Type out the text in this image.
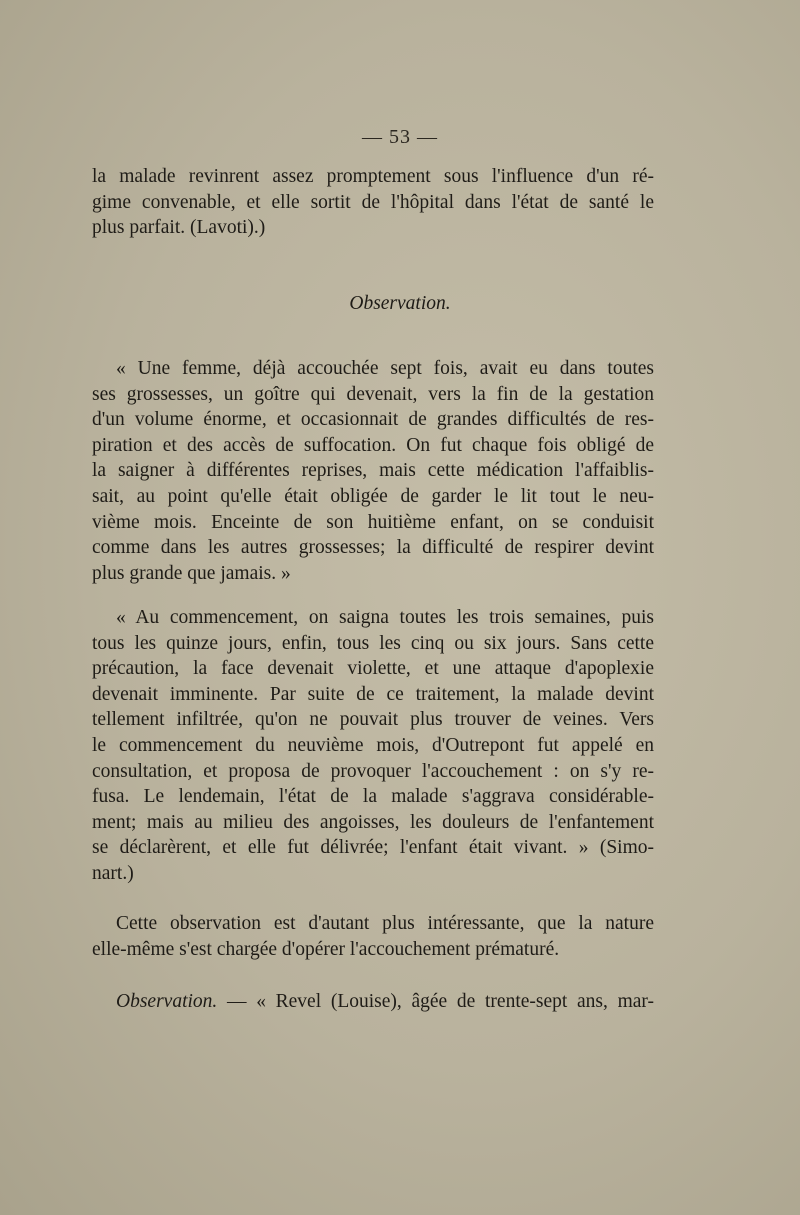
— 53 —
la malade revinrent assez promptement sous l'influence d'un ré-
gime convenable, et elle sortit de l'hôpital dans l'état de santé le
plus parfait. (Lavoti).)
Observation.
« Une femme, déjà accouchée sept fois, avait eu dans toutes
ses grossesses, un goître qui devenait, vers la fin de la gestation
d'un volume énorme, et occasionnait de grandes difficultés de res-
piration et des accès de suffocation. On fut chaque fois obligé de
la saigner à différentes reprises, mais cette médication l'affaiblis-
sait, au point qu'elle était obligée de garder le lit tout le neu-
vième mois. Enceinte de son huitième enfant, on se conduisit
comme dans les autres grossesses; la difficulté de respirer devint
plus grande que jamais. »
« Au commencement, on saigna toutes les trois semaines, puis
tous les quinze jours, enfin, tous les cinq ou six jours. Sans cette
précaution, la face devenait violette, et une attaque d'apoplexie
devenait imminente. Par suite de ce traitement, la malade devint
tellement infiltrée, qu'on ne pouvait plus trouver de veines. Vers
le commencement du neuvième mois, d'Outrepont fut appelé en
consultation, et proposa de provoquer l'accouchement : on s'y re-
fusa. Le lendemain, l'état de la malade s'aggrava considérable-
ment; mais au milieu des angoisses, les douleurs de l'enfantement
se déclarèrent, et elle fut délivrée; l'enfant était vivant. » (Simo-
nart.)
Cette observation est d'autant plus intéressante, que la nature
elle-même s'est chargée d'opérer l'accouchement prématuré.
Observation. — « Revel (Louise), âgée de trente-sept ans, mar-
